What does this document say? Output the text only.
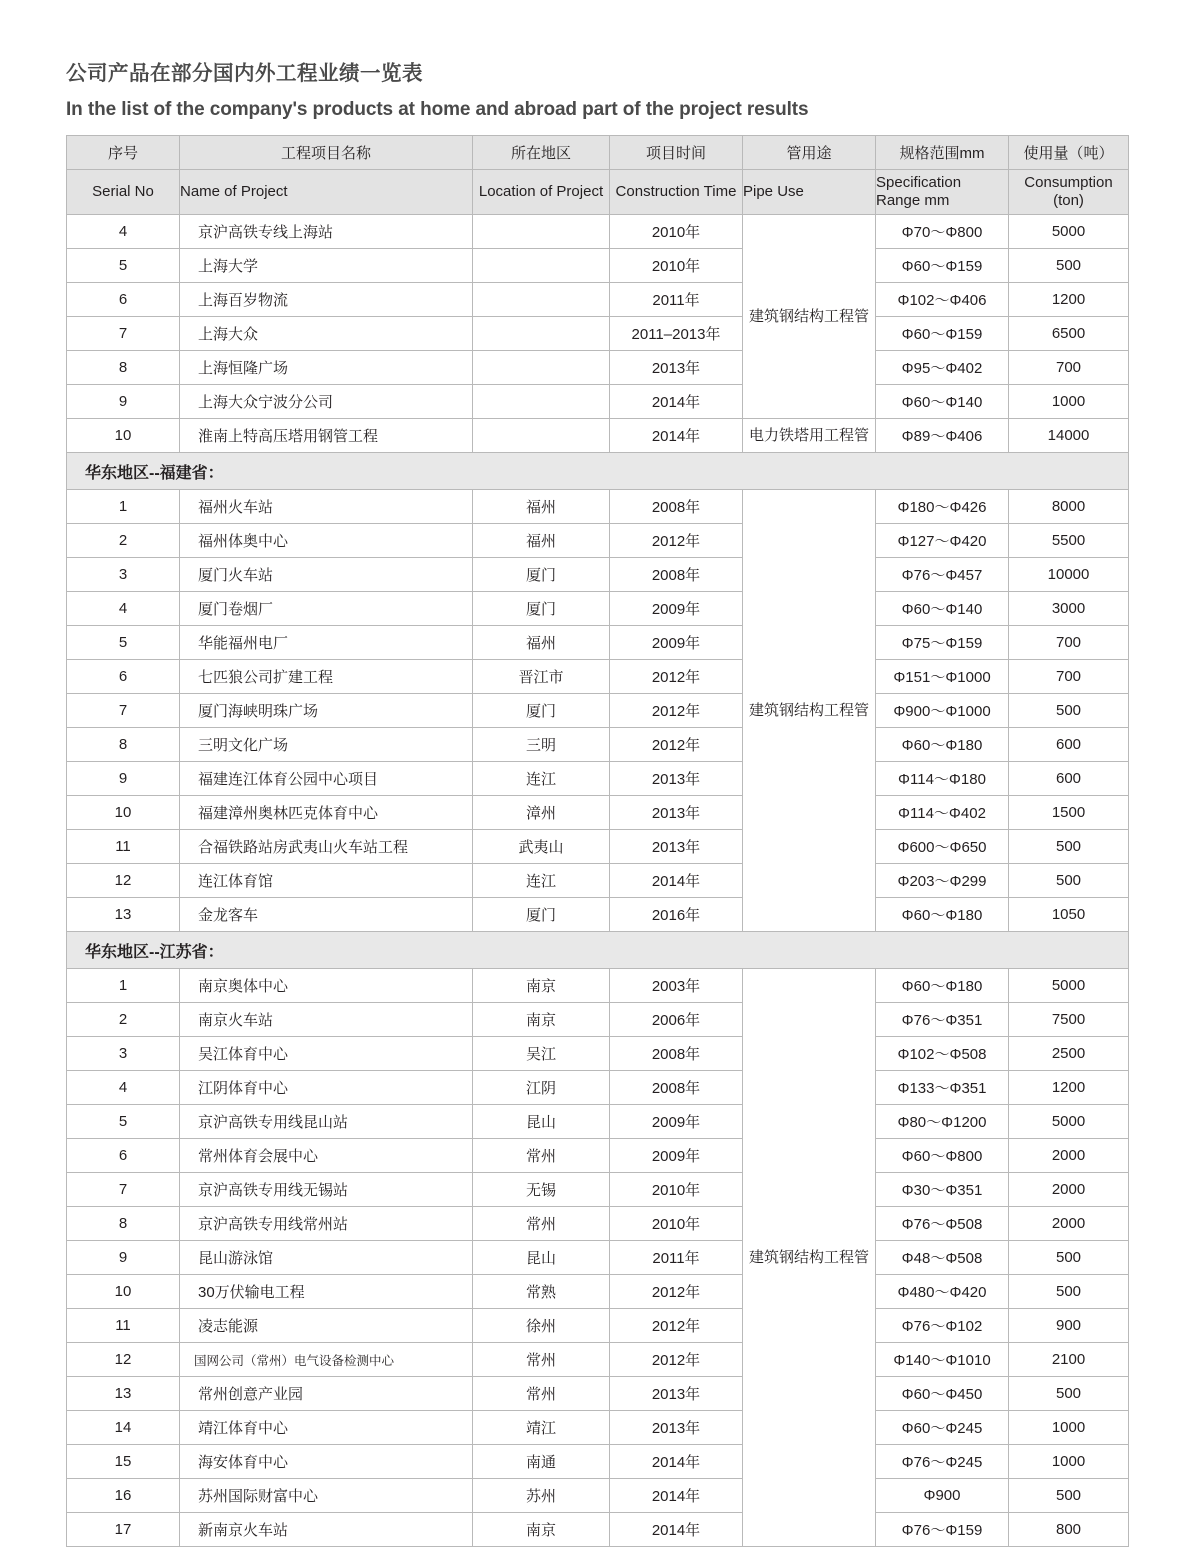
公司产品在部分国内外工程业绩一览表
In the list of the company's products at home and abroad part of the project results
序号	工程项目名称	所在地区	项目时间	管用途	规格范围mm	使用量（吨）
Serial No	Name of Project	Location of Project	Construction Time	Pipe Use	Specification Range mm	Consumption (ton)
4	京沪高铁专线上海站		2010年	建筑钢结构工程管	Φ70～Φ800	5000
5	上海大学		2010年		Φ60～Φ159	500
6	上海百岁物流		2011年		Φ102～Φ406	1200
7	上海大众		2011–2013年		Φ60～Φ159	6500
8	上海恒隆广场		2013年		Φ95～Φ402	700
9	上海大众宁波分公司		2014年		Φ60～Φ140	1000
10	淮南上特高压塔用钢管工程		2014年	电力铁塔用工程管	Φ89～Φ406	14000
华东地区--福建省：						
1	福州火车站	福州	2008年	建筑钢结构工程管	Φ180～Φ426	8000
2	福州体奥中心	福州	2012年		Φ127～Φ420	5500
3	厦门火车站	厦门	2008年		Φ76～Φ457	10000
4	厦门卷烟厂	厦门	2009年		Φ60～Φ140	3000
5	华能福州电厂	福州	2009年		Φ75～Φ159	700
6	七匹狼公司扩建工程	晋江市	2012年		Φ151～Φ1000	700
7	厦门海峡明珠广场	厦门	2012年		Φ900～Φ1000	500
8	三明文化广场	三明	2012年		Φ60～Φ180	600
9	福建连江体育公园中心项目	连江	2013年		Φ114～Φ180	600
10	福建漳州奥林匹克体育中心	漳州	2013年		Φ114～Φ402	1500
11	合福铁路站房武夷山火车站工程	武夷山	2013年		Φ600～Φ650	500
12	连江体育馆	连江	2014年		Φ203～Φ299	500
13	金龙客车	厦门	2016年		Φ60～Φ180	1050
华东地区--江苏省：						
1	南京奥体中心	南京	2003年	建筑钢结构工程管	Φ60～Φ180	5000
2	南京火车站	南京	2006年		Φ76～Φ351	7500
3	吴江体育中心	吴江	2008年		Φ102～Φ508	2500
4	江阴体育中心	江阴	2008年		Φ133～Φ351	1200
5	京沪高铁专用线昆山站	昆山	2009年		Φ80～Φ1200	5000
6	常州体育会展中心	常州	2009年		Φ60～Φ800	2000
7	京沪高铁专用线无锡站	无锡	2010年		Φ30～Φ351	2000
8	京沪高铁专用线常州站	常州	2010年		Φ76～Φ508	2000
9	昆山游泳馆	昆山	2011年		Φ48～Φ508	500
10	30万伏输电工程	常熟	2012年		Φ480～Φ420	500
11	凌志能源	徐州	2012年		Φ76～Φ102	900
12	国网公司（常州）电气设备检测中心	常州	2012年		Φ140～Φ1010	2100
13	常州创意产业园	常州	2013年		Φ60～Φ450	500
14	靖江体育中心	靖江	2013年		Φ60～Φ245	1000
15	海安体育中心	南通	2014年		Φ76～Φ245	1000
16	苏州国际财富中心	苏州	2014年		Φ900	500
17	新南京火车站	南京	2014年		Φ76～Φ159	800
